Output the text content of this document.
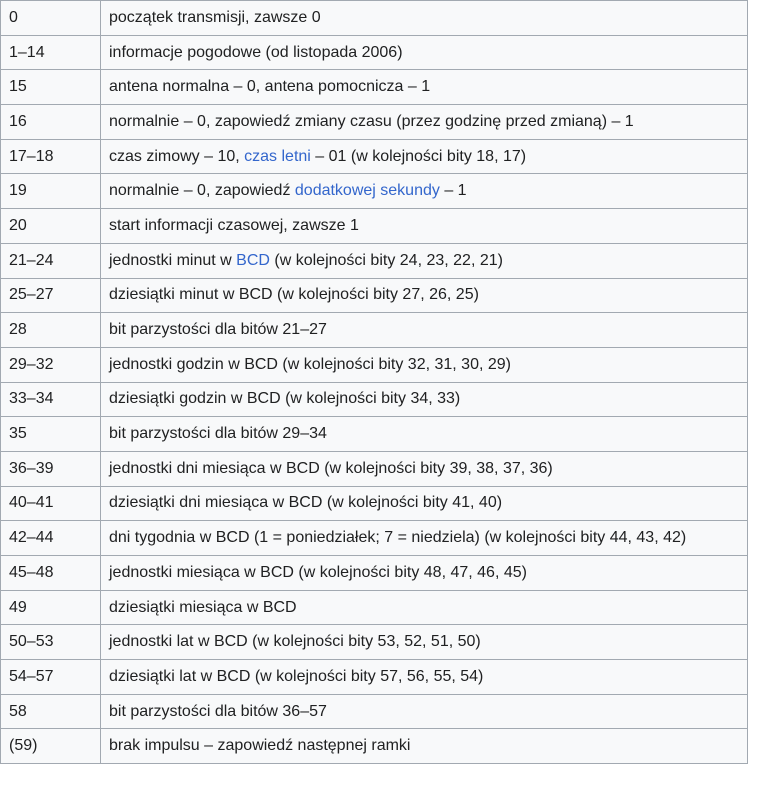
0	początek transmisji, zawsze 0
1–14	informacje pogodowe (od listopada 2006)
15	antena normalna – 0, antena pomocnicza – 1
16	normalnie – 0, zapowiedź zmiany czasu (przez godzinę przed zmianą) – 1
17–18	czas zimowy – 10, czas letni – 01 (w kolejności bity 18, 17)
19	normalnie – 0, zapowiedź dodatkowej sekundy – 1
20	start informacji czasowej, zawsze 1
21–24	jednostki minut w BCD (w kolejności bity 24, 23, 22, 21)
25–27	dziesiątki minut w BCD (w kolejności bity 27, 26, 25)
28	bit parzystości dla bitów 21–27
29–32	jednostki godzin w BCD (w kolejności bity 32, 31, 30, 29)
33–34	dziesiątki godzin w BCD (w kolejności bity 34, 33)
35	bit parzystości dla bitów 29–34
36–39	jednostki dni miesiąca w BCD (w kolejności bity 39, 38, 37, 36)
40–41	dziesiątki dni miesiąca w BCD (w kolejności bity 41, 40)
42–44	dni tygodnia w BCD (1 = poniedziałek; 7 = niedziela) (w kolejności bity 44, 43, 42)
45–48	jednostki miesiąca w BCD (w kolejności bity 48, 47, 46, 45)
49	dziesiątki miesiąca w BCD
50–53	jednostki lat w BCD (w kolejności bity 53, 52, 51, 50)
54–57	dziesiątki lat w BCD (w kolejności bity 57, 56, 55, 54)
58	bit parzystości dla bitów 36–57
(59)	brak impulsu – zapowiedź następnej ramki
